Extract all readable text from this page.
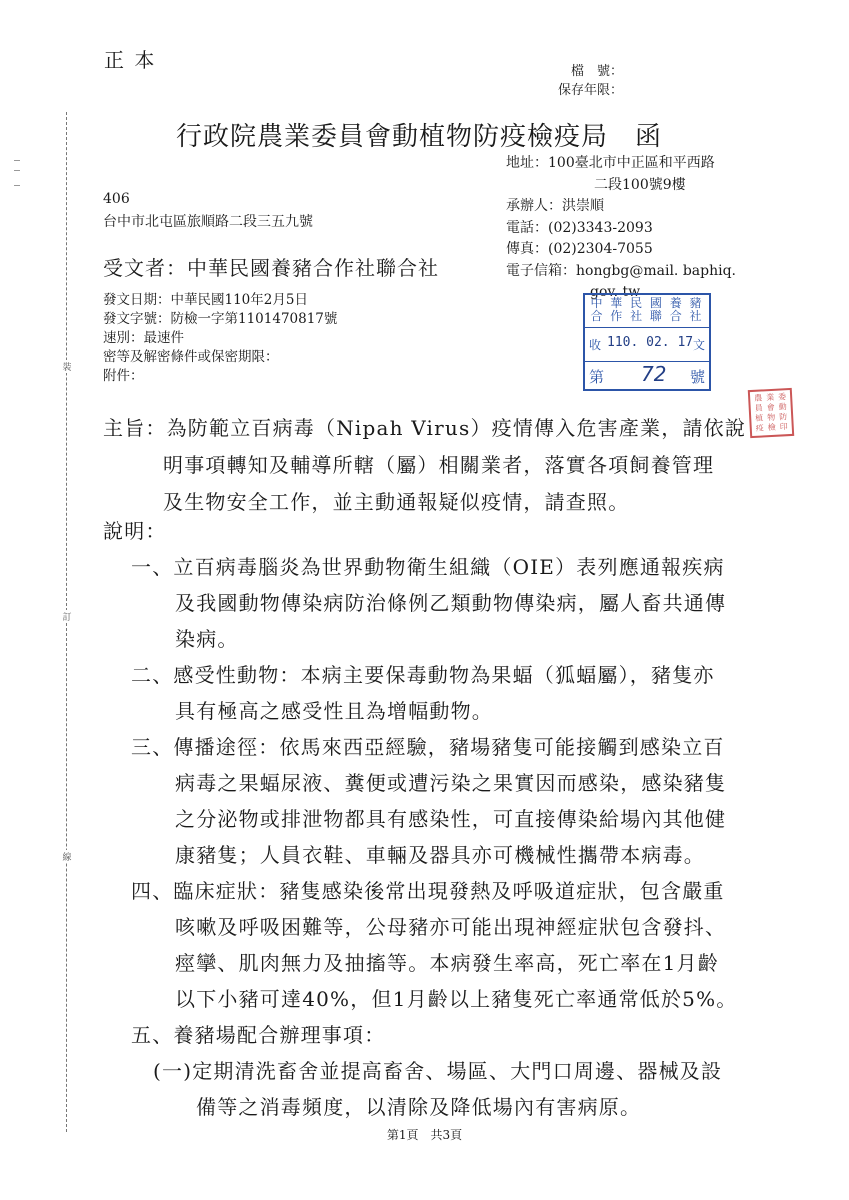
裝
訂
線
正 本	檔　號：
保存年限：
行政院農業委員會動植物防疫檢疫局　函
地址：100臺北市中正區和平西路
二段100號9樓
承辦人：洪崇順
電話：(02)3343-2093
傳真：(02)2304-7055
電子信箱：hongbg@mail. baphiq.
gov. tw
406
台中市北屯區旅順路二段三五九號
受文者：中華民國養豬合作社聯合社
發文日期：中華民國110年2月5日
發文字號：防檢一字第1101470817號
速別：最速件
密等及解密條件或保密期限：
附件：
中 華 民 國 養 豬
合 作 社 聯 合 社
收 110. 02. 17 文
第 72 號
農 業 委
員 會 動
植 物 防
疫 檢 印
主旨：為防範立百病毒（Nipah Virus）疫情傳入危害產業，請依說
明事項轉知及輔導所轄（屬）相關業者，落實各項飼養管理
及生物安全工作，並主動通報疑似疫情，請查照。
說明：
一、立百病毒腦炎為世界動物衛生組織（OIE）表列應通報疾病
及我國動物傳染病防治條例乙類動物傳染病，屬人畜共通傳
染病。
二、感受性動物：本病主要保毒動物為果蝠（狐蝠屬），豬隻亦
具有極高之感受性且為增幅動物。
三、傳播途徑：依馬來西亞經驗，豬場豬隻可能接觸到感染立百
病毒之果蝠尿液、糞便或遭污染之果實因而感染，感染豬隻
之分泌物或排泄物都具有感染性，可直接傳染給場內其他健
康豬隻；人員衣鞋、車輛及器具亦可機械性攜帶本病毒。
四、臨床症狀：豬隻感染後常出現發熱及呼吸道症狀，包含嚴重
咳嗽及呼吸困難等，公母豬亦可能出現神經症狀包含發抖、
痙攣、肌肉無力及抽搐等。本病發生率高，死亡率在1月齡
以下小豬可達40%，但1月齡以上豬隻死亡率通常低於5%。
五、養豬場配合辦理事項：
(一)定期清洗畜舍並提高畜舍、場區、大門口周邊、器械及設
備等之消毒頻度，以清除及降低場內有害病原。
第1頁　共3頁
